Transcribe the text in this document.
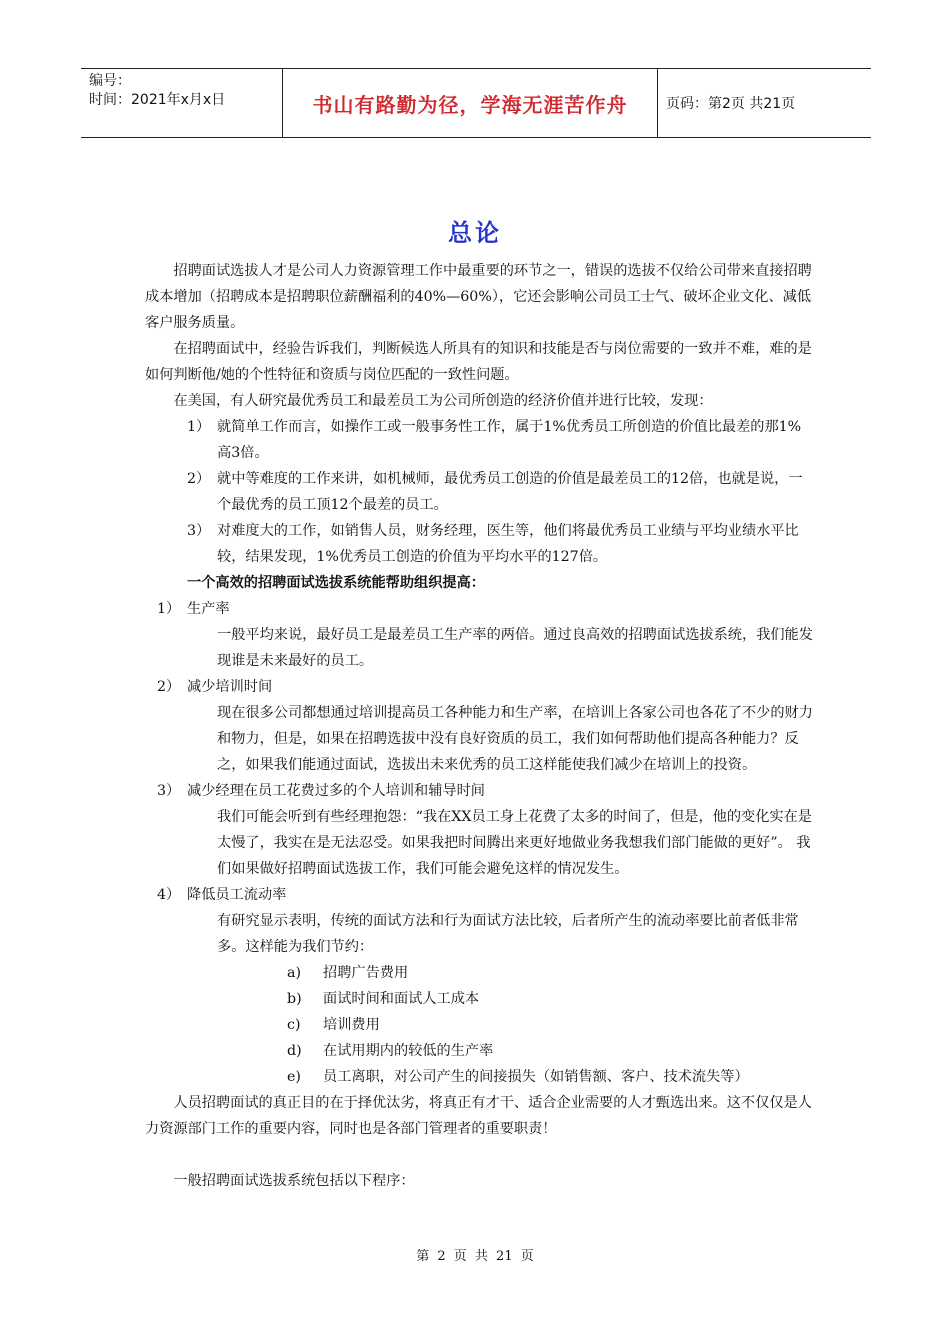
编号：
时间：2021年x月x日	书山有路勤为径，学海无涯苦作舟	页码：第2页 共21页
总论

招聘面试选拔人才是公司人力资源管理工作中最重要的环节之一，错误的选拔不仅给公司带来直接招聘成本增加（招聘成本是招聘职位薪酬福利的40%—60%），它还会影响公司员工士气、破坏企业文化、减低客户服务质量。

在招聘面试中，经验告诉我们，判断候选人所具有的知识和技能是否与岗位需要的一致并不难，难的是如何判断他/她的个性特征和资质与岗位匹配的一致性问题。

在美国，有人研究最优秀员工和最差员工为公司所创造的经济价值并进行比较，发现：

1） 就简单工作而言，如操作工或一般事务性工作，属于1%优秀员工所创造的价值比最差的那1%高3倍。
2） 就中等难度的工作来讲，如机械师，最优秀员工创造的价值是最差员工的12倍，也就是说，一个最优秀的员工顶12个最差的员工。
3） 对难度大的工作，如销售人员，财务经理，医生等，他们将最优秀员工业绩与平均业绩水平比较，结果发现，1%优秀员工创造的价值为平均水平的127倍。

一个高效的招聘面试选拔系统能帮助组织提高：

1） 生产率

一般平均来说，最好员工是最差员工生产率的两倍。通过良高效的招聘面试选拔系统，我们能发现谁是未来最好的员工。

2） 减少培训时间

现在很多公司都想通过培训提高员工各种能力和生产率，在培训上各家公司也各花了不少的财力和物力，但是，如果在招聘选拔中没有良好资质的员工，我们如何帮助他们提高各种能力？反之，如果我们能通过面试，选拔出未来优秀的员工这样能使我们减少在培训上的投资。

3） 减少经理在员工花费过多的个人培训和辅导时间

我们可能会听到有些经理抱怨：“我在XX员工身上花费了太多的时间了，但是，他的变化实在是太慢了，我实在是无法忍受。如果我把时间腾出来更好地做业务我想我们部门能做的更好”。 我们如果做好招聘面试选拔工作，我们可能会避免这样的情况发生。

4） 降低员工流动率

有研究显示表明，传统的面试方法和行为面试方法比较，后者所产生的流动率要比前者低非常多。这样能为我们节约：

a) 招聘广告费用
b) 面试时间和面试人工成本
c) 培训费用
d) 在试用期内的较低的生产率
e) 员工离职，对公司产生的间接损失（如销售额、客户、技术流失等）

人员招聘面试的真正目的在于择优汰劣，将真正有才干、适合企业需要的人才甄选出来。这不仅仅是人力资源部门工作的重要内容，同时也是各部门管理者的重要职责！

一般招聘面试选拔系统包括以下程序：

第 2 页 共 21 页
